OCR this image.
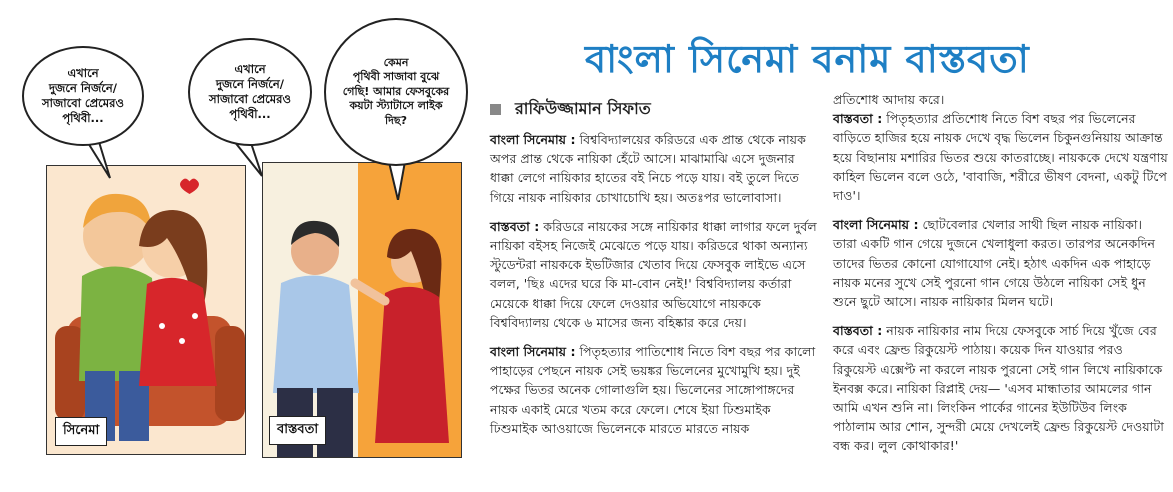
সিনেমা	বাস্তবতা
এখানে
দুজনে নির্জনে/
সাজাবো প্রেমেরও
পৃথিবী...
এখানে
দুজনে নির্জনে/
সাজাবো প্রেমেরও
পৃথিবী...
কেমন
পৃথিবী সাজাবা বুঝে
গেছি! আমার ফেসবুকের
কয়টা স্ট্যাটাসে লাইক
দিছ?
বাংলা সিনেমা বনাম বাস্তবতা
রাফিউজ্জামান সিফাত

বাংলা সিনেমায় : বিশ্ববিদ্যালয়ের করিডরে এক প্রান্ত থেকে নায়ক অপর প্রান্ত থেকে নায়িকা হেঁটে আসে। মাঝামাঝি এসে দুজনার ধাক্কা লেগে নায়িকার হাতের বই নিচে পড়ে যায়। বই তুলে দিতে গিয়ে নায়ক নায়িকার চোখাচোখি হয়। অতঃপর ভালোবাসা।

বাস্তবতা : করিডরে নায়কের সঙ্গে নায়িকার ধাক্কা লাগার ফলে দুর্বল নায়িকা বইসহ নিজেই মেঝেতে পড়ে যায়। করিডরে থাকা অন্যান্য স্টুডেন্টরা নায়ককে ইভটিজার খেতাব দিয়ে ফেসবুক লাইভে এসে বলল, 'ছিঃ এদের ঘরে কি মা-বোন নেই!' বিশ্ববিদ্যালয় কর্তারা মেয়েকে ধাক্কা দিয়ে ফেলে দেওয়ার অভিযোগে নায়ককে বিশ্ববিদ্যালয় থেকে ৬ মাসের জন্য বহিষ্কার করে দেয়।

বাংলা সিনেমায় : পিতৃহত্যার পাতিশোধ নিতে বিশ বছর পর কালো পাহাড়ের পেছনে নায়ক সেই ভয়ঙ্কর ভিলেনের মুখোমুখি হয়। দুই পক্ষের ভিতর অনেক গোলাগুলি হয়। ভিলেনের সাঙ্গোপাঙ্গদের নায়ক একাই মেরে খতম করে ফেলে। শেষে ইয়া ঢিশুমাইক ঢিশুমাইক আওয়াজে ভিলেনকে মারতে মারতে নায়ক

প্রতিশোধ আদায় করে।

বাস্তবতা : পিতৃহত্যার প্রতিশোধ নিতে বিশ বছর পর ভিলেনের বাড়িতে হাজির হয়ে নায়ক দেখে বৃদ্ধ ভিলেন চিকুনগুনিয়ায় আক্রান্ত হয়ে বিছানায় মশারির ভিতর শুয়ে কাতরাচ্ছে। নায়ককে দেখে যন্ত্রণায় কাহিল ভিলেন বলে ওঠে, 'বাবাজি, শরীরে ভীষণ বেদনা, একটু টিপে দাও'।

বাংলা সিনেমায় : ছোটবেলার খেলার সাথী ছিল নায়ক নায়িকা। তারা একটি গান গেয়ে দুজনে খেলাধুলা করত। তারপর অনেকদিন তাদের ভিতর কোনো যোগাযোগ নেই। হঠাৎ একদিন এক পাহাড়ে নায়ক মনের সুখে সেই পুরনো গান গেয়ে উঠলে নায়িকা সেই ধুন শুনে ছুটে আসে। নায়ক নায়িকার মিলন ঘটে।

বাস্তবতা : নায়ক নায়িকার নাম দিয়ে ফেসবুকে সার্চ দিয়ে খুঁজে বের করে এবং ফ্রেন্ড রিকুয়েস্ট পাঠায়। কয়েক দিন যাওয়ার পরও রিকুয়েস্ট এক্সেপ্ট না করলে নায়ক পুরনো সেই গান লিখে নায়িকাকে ইনবক্স করে। নায়িকা রিপ্লাই দেয়— 'এসব মান্ধাতার আমলের গান আমি এখন শুনি না। লিংকিন পার্কের গানের ইউটিউব লিংক পাঠালাম আর শোন, সুন্দরী মেয়ে দেখলেই ফ্রেন্ড রিকুয়েস্ট দেওয়াটা বন্ধ কর। লুল কোথাকার!'
